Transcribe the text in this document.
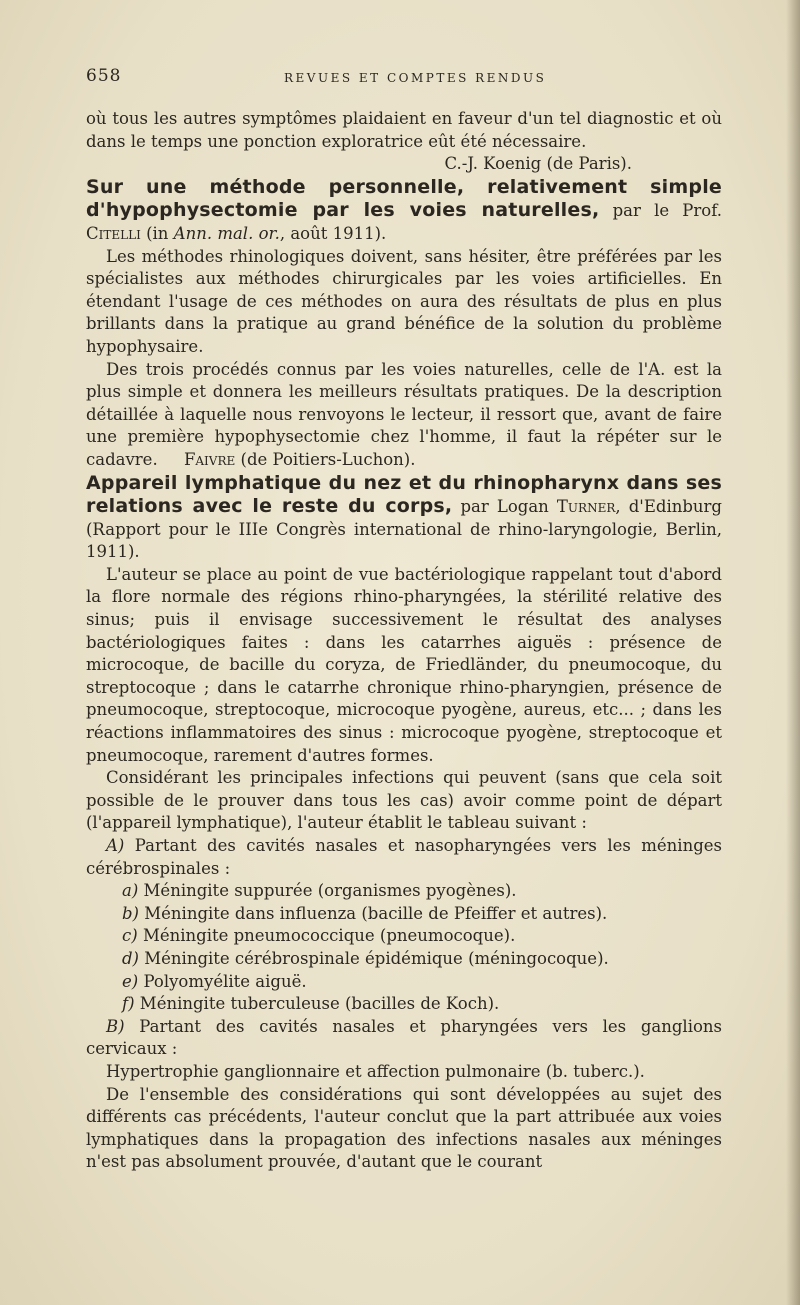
658	REVUES ET COMPTES RENDUS

où tous les autres symptômes plaidaient en faveur d'un tel diagnostic et où dans le temps une ponction exploratrice eût été nécessaire.

C.-J. Koenig (de Paris).

Sur une méthode personnelle, relativement simple d'hypophysectomie par les voies naturelles, par le Prof. Citelli (in Ann. mal. or., août 1911).

Les méthodes rhinologiques doivent, sans hésiter, être préférées par les spécialistes aux méthodes chirurgicales par les voies artificielles. En étendant l'usage de ces méthodes on aura des résultats de plus en plus brillants dans la pratique au grand bénéfice de la solution du problème hypophysaire.

Des trois procédés connus par les voies naturelles, celle de l'A. est la plus simple et donnera les meilleurs résultats pratiques. De la description détaillée à laquelle nous renvoyons le lecteur, il ressort que, avant de faire une première hypophysectomie chez l'homme, il faut la répéter sur le cadavre. Faivre (de Poitiers-Luchon).

Appareil lymphatique du nez et du rhinopharynx dans ses relations avec le reste du corps, par Logan Turner, d'Edinburg (Rapport pour le IIIe Congrès international de rhino-laryngologie, Berlin, 1911).

L'auteur se place au point de vue bactériologique rappelant tout d'abord la flore normale des régions rhino-pharyngées, la stérilité relative des sinus; puis il envisage successivement le résultat des analyses bactériologiques faites : dans les catarrhes aiguës : présence de microcoque, de bacille du coryza, de Friedländer, du pneumocoque, du streptocoque ; dans le catarrhe chronique rhino-pharyngien, présence de pneumocoque, streptocoque, microcoque pyogène, aureus, etc... ; dans les réactions inflammatoires des sinus : microcoque pyogène, streptocoque et pneumocoque, rarement d'autres formes.

Considérant les principales infections qui peuvent (sans que cela soit possible de le prouver dans tous les cas) avoir comme point de départ (l'appareil lymphatique), l'auteur établit le tableau suivant :

A) Partant des cavités nasales et nasopharyngées vers les méninges cérébrospinales :

a) Méningite suppurée (organismes pyogènes).

b) Méningite dans influenza (bacille de Pfeiffer et autres).

c) Méningite pneumococcique (pneumocoque).

d) Méningite cérébrospinale épidémique (méningocoque).

e) Polyomyélite aiguë.

f) Méningite tuberculeuse (bacilles de Koch).

B) Partant des cavités nasales et pharyngées vers les ganglions cervicaux :

Hypertrophie ganglionnaire et affection pulmonaire (b. tuberc.).

De l'ensemble des considérations qui sont développées au sujet des différents cas précédents, l'auteur conclut que la part attribuée aux voies lymphatiques dans la propagation des infections nasales aux méninges n'est pas absolument prouvée, d'autant que le courant
